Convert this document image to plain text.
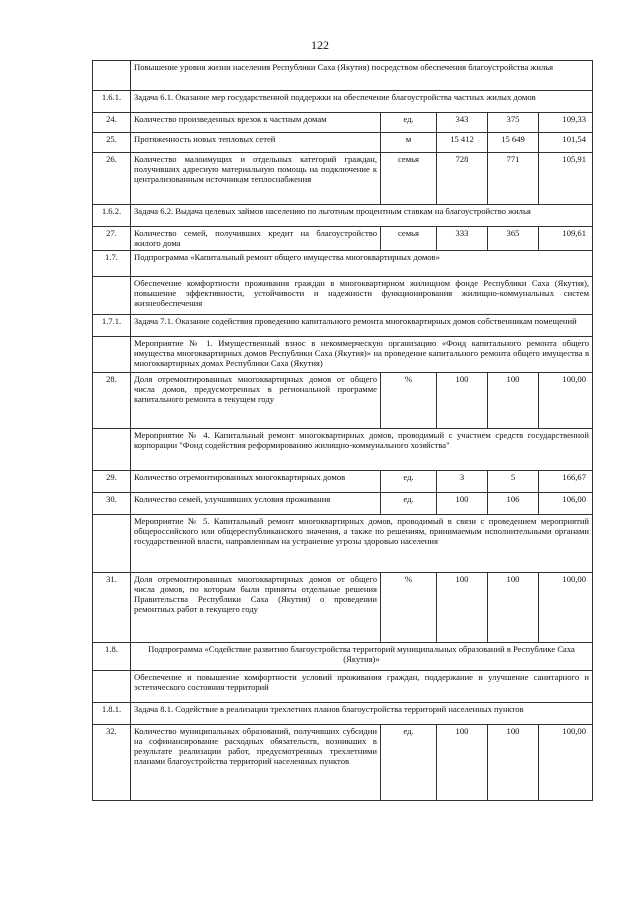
122
	Повышение уровня жизни населения Республики Саха (Якутия) посредством обеспечения благоустройства жилья				
1.6.1.	Задача 6.1. Оказание мер государственной поддержки на обеспечение благоустройства частных жилых домов				
24.	Количество произведенных врезок к частным домам	ед.	343	375	109,33
25.	Протяженность новых тепловых сетей	м	15 412	15 649	101,54
26.	Количество малоимущих и отдельных категорий граждан, получивших адресную материальную помощь на подключение к централизованным источникам теплоснабжения	семья	728	771	105,91
1.6.2.	Задача 6.2. Выдача целевых займов населению по льготным процентным ставкам на благоустройство жилья				
27.	Количество семей, получивших кредит на благоустройство жилого дома	семья	333	365	109,61
1.7.	Подпрограмма «Капитальный ремонт общего имущества многоквартирных домов»				
	Обеспечение комфортности проживания граждан в многоквартирном жилищном фонде Республики Саха (Якутия), повышение эффективности, устойчивости и надежности функционирования жилищно-коммунальных систем жизнеобеспечения				
1.7.1.	Задача 7.1. Оказание содействия проведению капитального ремонта многоквартирных домов собственникам помещений				
	Мероприятие № 1. Имущественный взнос в некоммерческую организацию «Фонд капитального ремонта общего имущества многоквартирных домов Республики Саха (Якутия)» на проведение капитального ремонта общего имущества в многоквартирных домах Республики Саха (Якутия)				
28.	Доля отремонтированных многоквартирных домов от общего числа домов, предусмотренных в региональной программе капитального ремонта в текущем году	%	100	100	100,00
	Мероприятие № 4. Капитальный ремонт многоквартирных домов, проводимый с участием средств государственной корпорации "Фонд содействия реформированию жилищно-коммунального хозяйства"				
29.	Количество отремонтированных многоквартирных домов	ед.	3	5	166,67
30.	Количество семей, улучшивших условия проживания	ед.	100	106	106,00
	Мероприятие № 5. Капитальный ремонт многоквартирных домов, проводимый в связи с проведением мероприятий общероссийского или общереспубликанского значения, а также по решениям, принимаемым исполнительными органами государственной власти, направленным на устранение угрозы здоровью населения				
31.	Доля отремонтированных многоквартирных домов от общего числа домов, по которым были приняты отдельные решения Правительства Республики Саха (Якутия) о проведении ремонтных работ в текущего году	%	100	100	100,00
1.8.	Подпрограмма «Содействие развитию благоустройства территорий муниципальных образований в Республике Саха (Якутия)»				
	Обеспечение и повышение комфортности условий проживания граждан, поддержание и улучшение санитарного и эстетического состояния территорий				
1.8.1.	Задача 8.1. Содействие в реализации трехлетних планов благоустройства территорий населенных пунктов				
32.	Количество муниципальных образований, получивших субсидии на софинансирование расходных обязательств, возникших в результате реализации работ, предусмотренных трехлетними планами благоустройства территорий населенных пунктов	ед.	100	100	100,00
